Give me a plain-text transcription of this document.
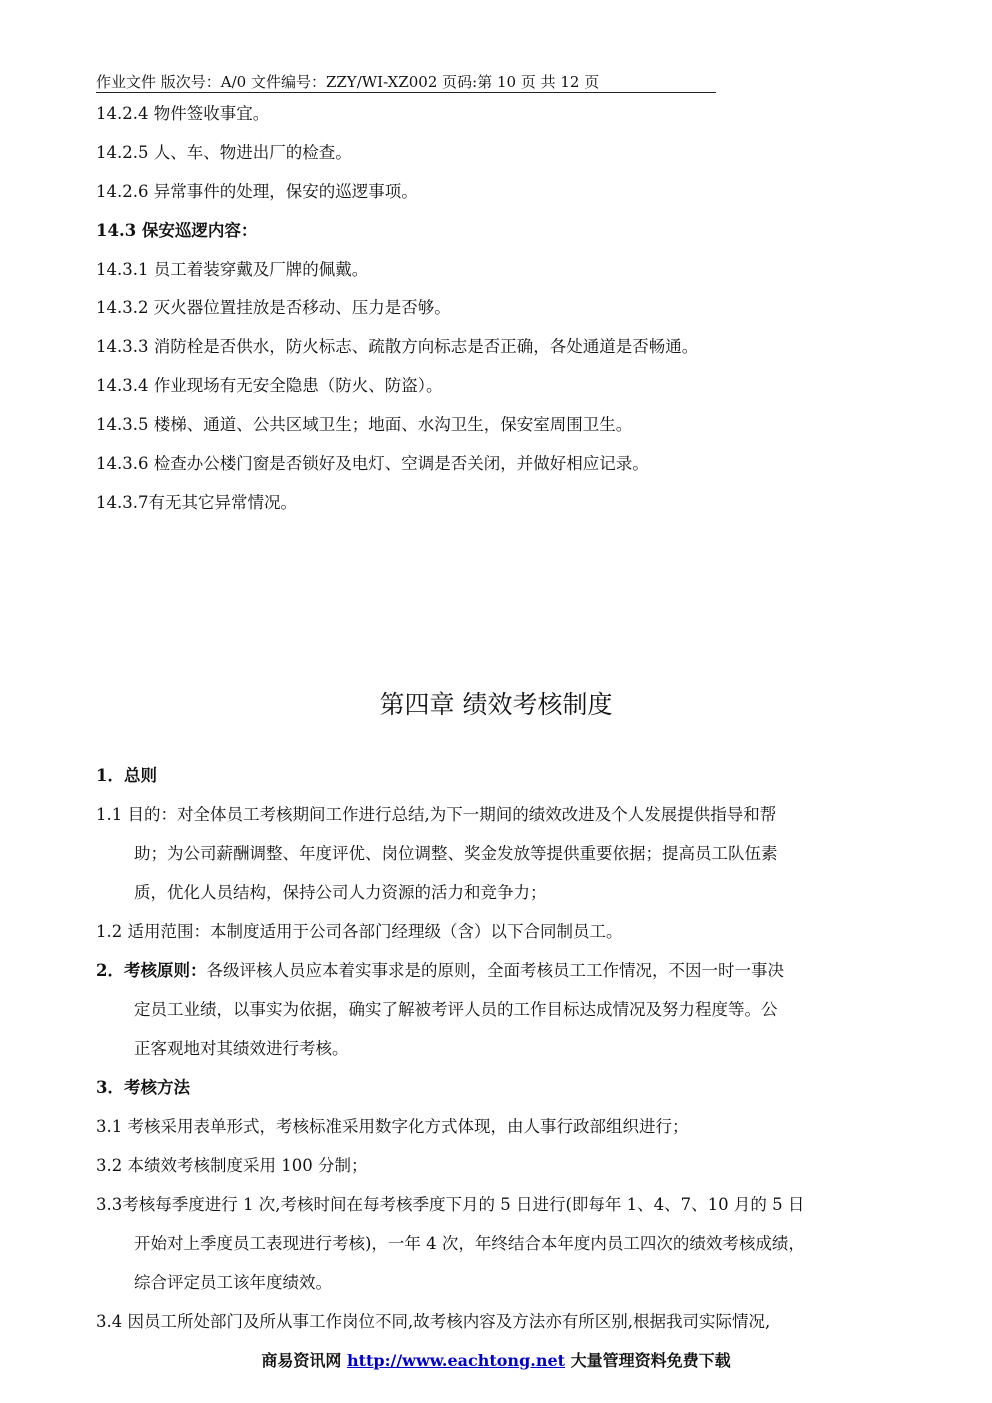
作业文件 版次号：A/0 文件编号：ZZY/WI-XZ002 页码:第 10 页 共 12 页
14.2.4 物件签收事宜。
14.2.5 人、车、物进出厂的检查。
14.2.6 异常事件的处理，保安的巡逻事项。
14.3 保安巡逻内容：
14.3.1 员工着装穿戴及厂牌的佩戴。
14.3.2 灭火器位置挂放是否移动、压力是否够。
14.3.3 消防栓是否供水，防火标志、疏散方向标志是否正确，各处通道是否畅通。
14.3.4 作业现场有无安全隐患（防火、防盗）。
14.3.5 楼梯、通道、公共区域卫生；地面、水沟卫生，保安室周围卫生。
14.3.6 检查办公楼门窗是否锁好及电灯、空调是否关闭，并做好相应记录。
14.3.7有无其它异常情况。
第四章 绩效考核制度
1．总则
1.1 目的：对全体员工考核期间工作进行总结,为下一期间的绩效改进及个人发展提供指导和帮
助；为公司薪酬调整、年度评优、岗位调整、奖金发放等提供重要依据；提高员工队伍素
质，优化人员结构，保持公司人力资源的活力和竞争力；
1.2 适用范围：本制度适用于公司各部门经理级（含）以下合同制员工。
2．考核原则：各级评核人员应本着实事求是的原则，全面考核员工工作情况，不因一时一事决
定员工业绩，以事实为依据，确实了解被考评人员的工作目标达成情况及努力程度等。公
正客观地对其绩效进行考核。
3．考核方法
3.1 考核采用表单形式，考核标准采用数字化方式体现，由人事行政部组织进行；
3.2 本绩效考核制度采用 100 分制；
3.3考核每季度进行 1 次,考核时间在每考核季度下月的 5 日进行(即每年 1、4、7、10 月的 5 日
开始对上季度员工表现进行考核)，一年 4 次，年终结合本年度内员工四次的绩效考核成绩，
综合评定员工该年度绩效。
3.4 因员工所处部门及所从事工作岗位不同,故考核内容及方法亦有所区别,根据我司实际情况,
商易资讯网 http://www.eachtong.net 大量管理资料免费下载
